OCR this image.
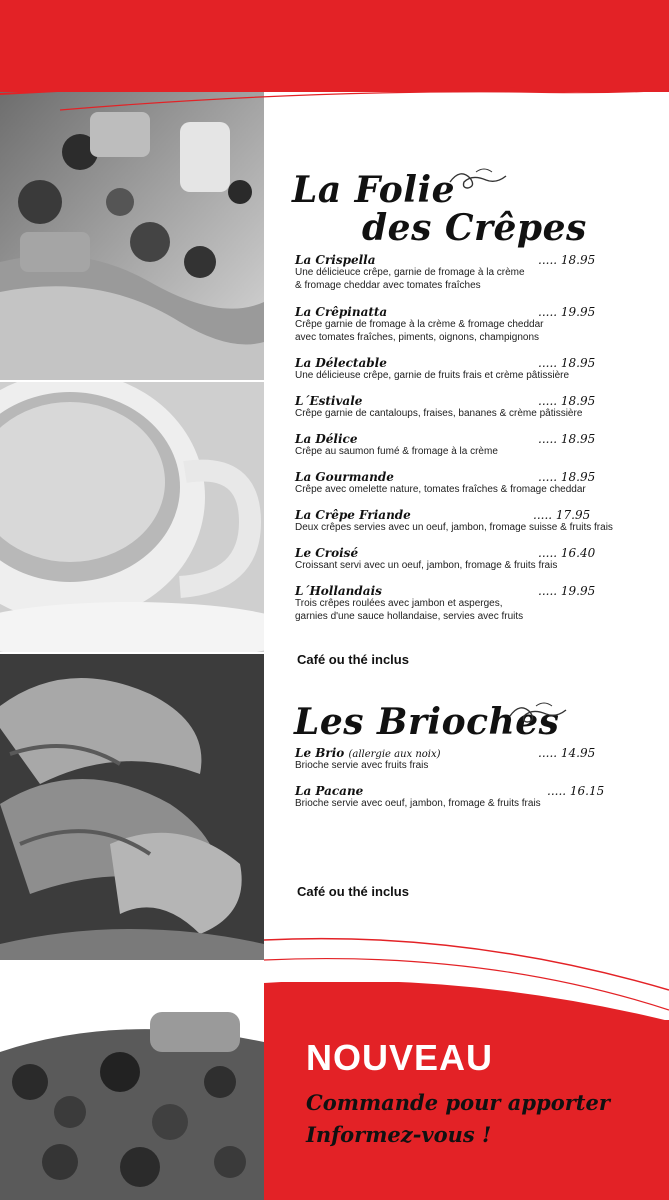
La Folie
des Crêpes
La Crispella	..... 18.95
Une délicieuce crêpe, garnie de fromage à la crème
& fromage cheddar avec tomates fraîches
La Crêpinatta	..... 19.95
Crêpe garnie de fromage à la crème & fromage cheddar
avec tomates fraîches, piments, oignons, champignons
La Délectable	..... 18.95
Une délicieuse crêpe, garnie de fruits frais et crème pâtissière
L´Estivale	..... 18.95
Crêpe garnie de cantaloups, fraises, bananes & crème pâtissière
La Délice	..... 18.95
Crêpe au saumon fumé & fromage à la crème
La Gourmande	..... 18.95
Crêpe avec omelette nature, tomates fraîches & fromage cheddar
La Crêpe Friande	..... 17.95
Deux crêpes servies avec un oeuf, jambon, fromage suisse & fruits frais
Le Croisé	..... 16.40
Croissant servi avec un oeuf, jambon, fromage & fruits frais
L´Hollandais	..... 19.95
Trois crêpes roulées avec jambon et asperges,
garnies d'une sauce hollandaise, servies avec fruits
Café ou thé inclus
Les Brioches
Le Brio (allergie aux noix)	..... 14.95
Brioche servie avec fruits frais
La Pacane	..... 16.15
Brioche servie avec oeuf, jambon, fromage & fruits frais
Café ou thé inclus
NOUVEAU
Commande pour apporter
Informez-vous !
